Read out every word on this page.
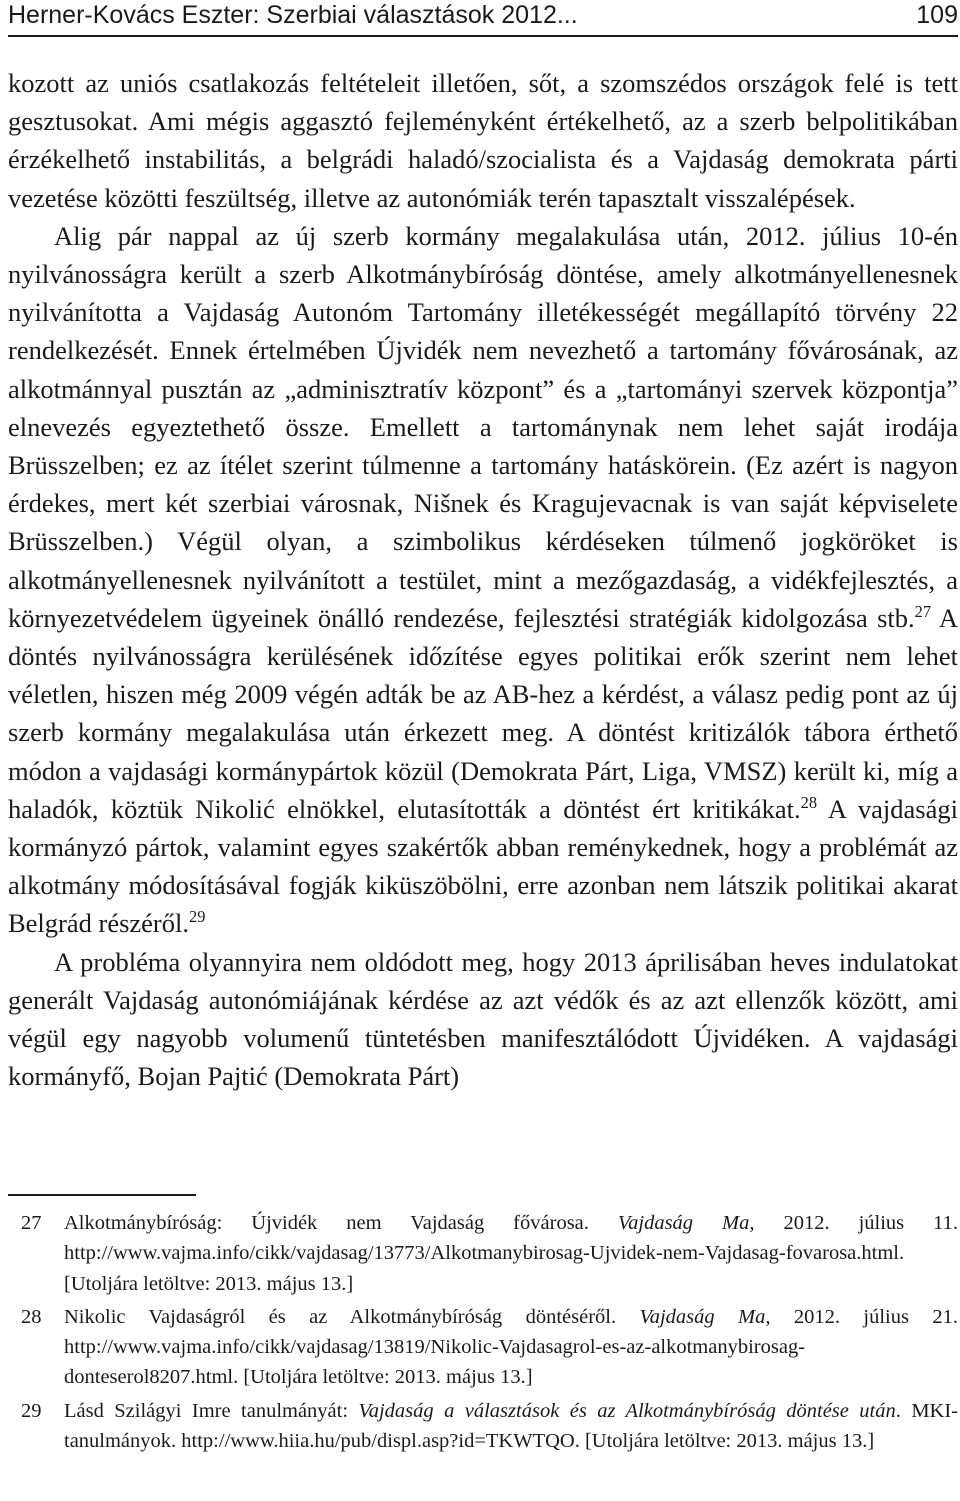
Herner-Kovács Eszter: Szerbiai választások 2012...	109

kozott az uniós csatlakozás feltételeit illetően, sőt, a szomszédos országok felé is tett gesztusokat. Ami mégis aggasztó fejleményként értékelhető, az a szerb belpolitikában érzékelhető instabilitás, a belgrádi haladó/szocialista és a Vajdaság demokrata párti vezetése közötti feszültség, illetve az autonómiák terén tapasztalt visszalépések.

Alig pár nappal az új szerb kormány megalakulása után, 2012. július 10-én nyilvánosságra került a szerb Alkotmánybíróság döntése, amely alkotmányellenesnek nyilvánította a Vajdaság Autonóm Tartomány illetékességét megállapító törvény 22 rendelkezését. Ennek értelmében Újvidék nem nevezhető a tartomány fővárosának, az alkotmánnyal pusztán az „adminisztratív központ” és a „tartományi szervek központja” elnevezés egyeztethető össze. Emellett a tartománynak nem lehet saját irodája Brüsszelben; ez az ítélet szerint túlmenne a tartomány hatáskörein. (Ez azért is nagyon érdekes, mert két szerbiai városnak, Nišnek és Kragujevacnak is van saját képviselete Brüsszelben.) Végül olyan, a szimbolikus kérdéseken túlmenő jogköröket is alkotmányellenesnek nyilvánított a testület, mint a mezőgazdaság, a vidékfejlesztés, a környezetvédelem ügyeinek önálló rendezése, fejlesztési stratégiák kidolgozása stb.$^{27}$ A döntés nyilvánosságra kerülésének időzítése egyes politikai erők szerint nem lehet véletlen, hiszen még 2009 végén adták be az AB-hez a kérdést, a válasz pedig pont az új szerb kormány megalakulása után érkezett meg. A döntést kritizálók tábora érthető módon a vajdasági kormánypártok közül (Demokrata Párt, Liga, VMSZ) került ki, míg a haladók, köztük Nikolić elnökkel, elutasították a döntést ért kritikákat.$^{28}$ A vajdasági kormányzó pártok, valamint egyes szakértők abban reménykednek, hogy a problémát az alkotmány módosításával fogják kiküszöbölni, erre azonban nem látszik politikai akarat Belgrád részéről.$^{29}$

A probléma olyannyira nem oldódott meg, hogy 2013 áprilisában heves indulatokat generált Vajdaság autonómiájának kérdése az azt védők és az azt ellenzők között, ami végül egy nagyobb volumenű tüntetésben manifesztálódott Újvidéken. A vajdasági kormányfő, Bojan Pajtić (Demokrata Párt)

27 Alkotmánybíróság: Újvidék nem Vajdaság fővárosa. Vajdaság Ma, 2012. július 11. http://www.vajma.info/cikk/vajdasag/13773/Alkotmanybirosag-Ujvidek-nem-Vajdasag-fovarosa.html. [Utoljára letöltve: 2013. május 13.]
28 Nikolic Vajdaságról és az Alkotmánybíróság döntéséről. Vajdaság Ma, 2012. július 21. http://www.vajma.info/cikk/vajdasag/13819/Nikolic-Vajdasagrol-es-az-alkotmanybirosag-donteserol8207.html. [Utoljára letöltve: 2013. május 13.]
29 Lásd Szilágyi Imre tanulmányát: Vajdaság a választások és az Alkotmánybíróság döntése után. MKI-tanulmányok. http://www.hiia.hu/pub/displ.asp?id=TKWTQO. [Utoljára letöltve: 2013. május 13.]
